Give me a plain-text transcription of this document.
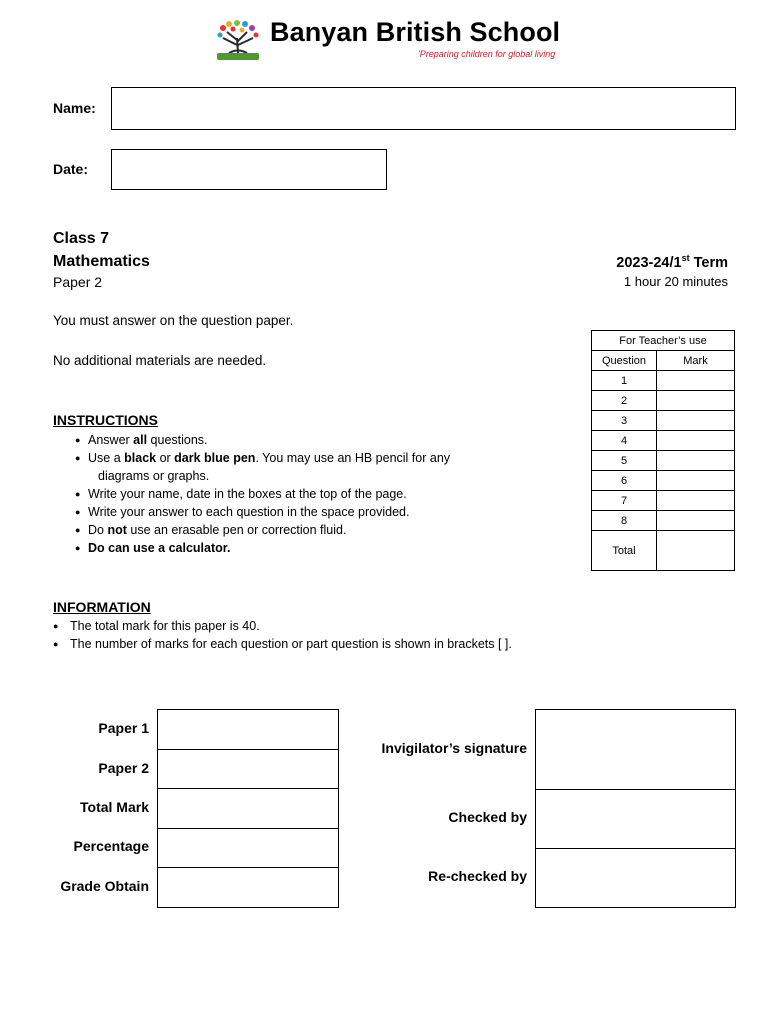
Banyan British School
'Preparing children for global living
Name:
Date:
Class 7
Mathematics
Paper 2
2023-24/1st Term
1 hour 20 minutes
You must answer on the question paper.
No additional materials are needed.
INSTRUCTIONS
● Answer all questions.
● Use a black or dark blue pen. You may use an HB pencil for any
diagrams or graphs.
● Write your name, date in the boxes at the top of the page.
● Write your answer to each question in the space provided.
● Do not use an erasable pen or correction fluid.
● Do can use a calculator.
INFORMATION
● The total mark for this paper is 40.
● The number of marks for each question or part question is shown in brackets [ ].
For Teacher’s use	
Question	Mark
1	
2	
3	
4	
5	
6	
7	
8	
Total	
Paper 1
Paper 2
Total Mark
Percentage
Grade Obtain

Invigilator’s signature
Checked by
Re-checked by
